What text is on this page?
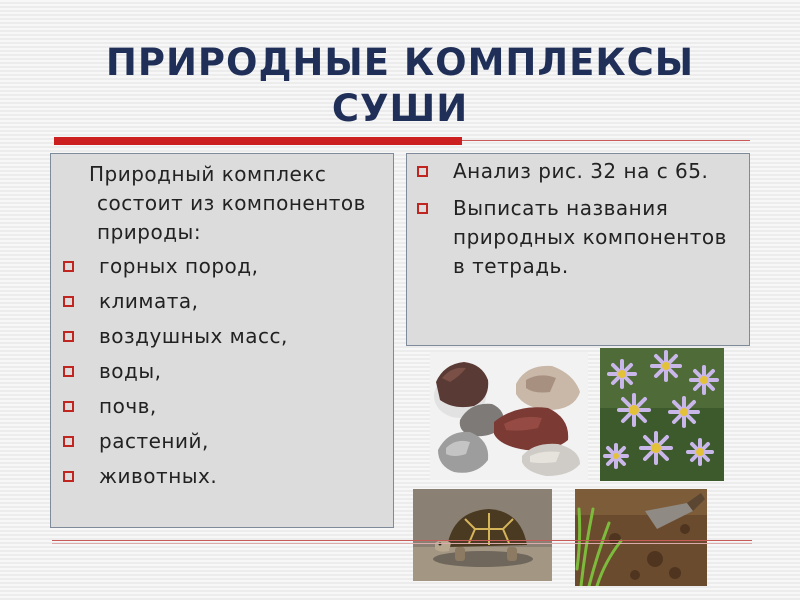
ПРИРОДНЫЕ КОМПЛЕКСЫ
СУШИ

Природный комплекс состоит из компонентов природы:

горных пород,
климата,
воздушных масс,
воды,
почв,
растений,
животных.
Анализ рис. 32 на с 65.
Выписать названия природных компонентов в тетрадь.
